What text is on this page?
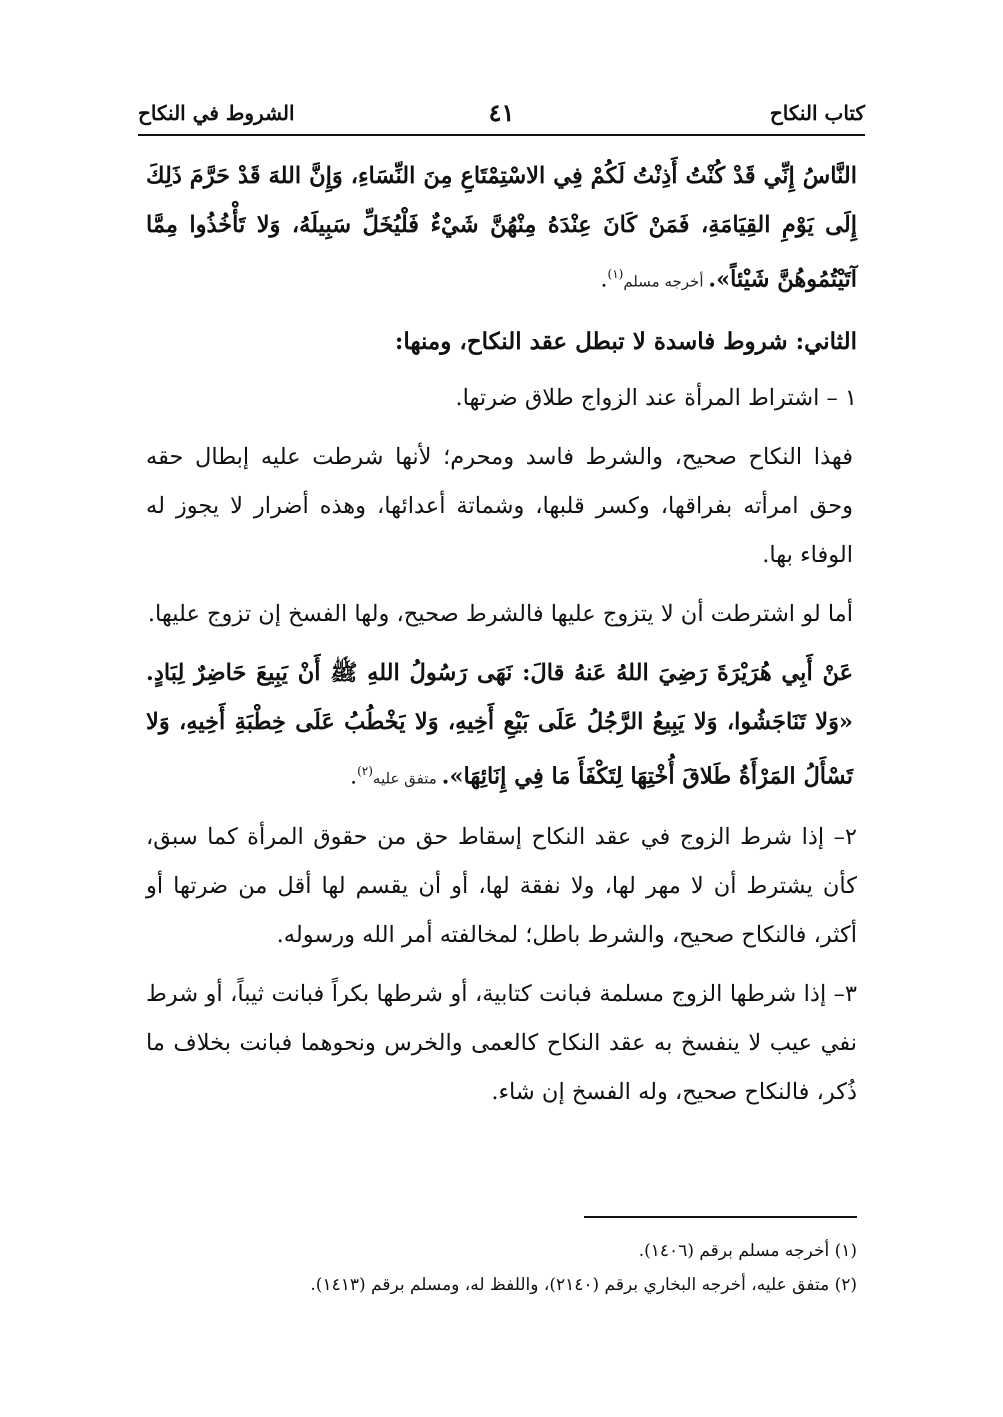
كتاب النكاح
٤١
الشروط في النكاح

النَّاسُ إِنِّي قَدْ كُنْتُ أَذِنْتُ لَكُمْ فِي الاسْتِمْتَاعِ مِنَ النِّسَاءِ، وَإِنَّ اللهَ قَدْ حَرَّمَ ذَلِكَ إِلَى يَوْمِ القِيَامَةِ، فَمَنْ كَانَ عِنْدَهُ مِنْهُنَّ شَيْءٌ فَلْيُخَلِّ سَبِيلَهُ، وَلا تَأْخُذُوا مِمَّا آتَيْتُمُوهُنَّ شَيْئاً». أخرجه مسلم$^{(١)}$.

الثاني: شروط فاسدة لا تبطل عقد النكاح، ومنها:

١ – اشتراط المرأة عند الزواج طلاق ضرتها.

فهذا النكاح صحيح، والشرط فاسد ومحرم؛ لأنها شرطت عليه إبطال حقه وحق امرأته بفراقها، وكسر قلبها، وشماتة أعدائها، وهذه أضرار لا يجوز له الوفاء بها.

أما لو اشترطت أن لا يتزوج عليها فالشرط صحيح، ولها الفسخ إن تزوج عليها.

عَنْ أَبِي هُرَيْرَةَ رَضِيَ اللهُ عَنهُ قالَ: نَهَى رَسُولُ اللهِ ﷺ أَنْ يَبِيعَ حَاضِرٌ لِبَادٍ. «وَلا تَنَاجَشُوا، وَلا يَبِيعُ الرَّجُلُ عَلَى بَيْعِ أَخِيهِ، وَلا يَخْطُبُ عَلَى خِطْبَةِ أَخِيهِ، وَلا تَسْأَلُ المَرْأَةُ طَلاقَ أُخْتِهَا لِتَكْفَأَ مَا فِي إِنَائِهَا». متفق عليه$^{(٢)}$.

٢– إذا شرط الزوج في عقد النكاح إسقاط حق من حقوق المرأة كما سبق، كأن يشترط أن لا مهر لها، ولا نفقة لها، أو أن يقسم لها أقل من ضرتها أو أكثر، فالنكاح صحيح، والشرط باطل؛ لمخالفته أمر الله ورسوله.

٣– إذا شرطها الزوج مسلمة فبانت كتابية، أو شرطها بكراً فبانت ثيباً، أو شرط نفي عيب لا ينفسخ به عقد النكاح كالعمى والخرس ونحوهما فبانت بخلاف ما ذُكر، فالنكاح صحيح، وله الفسخ إن شاء.

(١) أخرجه مسلم برقم (١٤٠٦).
(٢) متفق عليه، أخرجه البخاري برقم (٢١٤٠)، واللفظ له، ومسلم برقم (١٤١٣).
